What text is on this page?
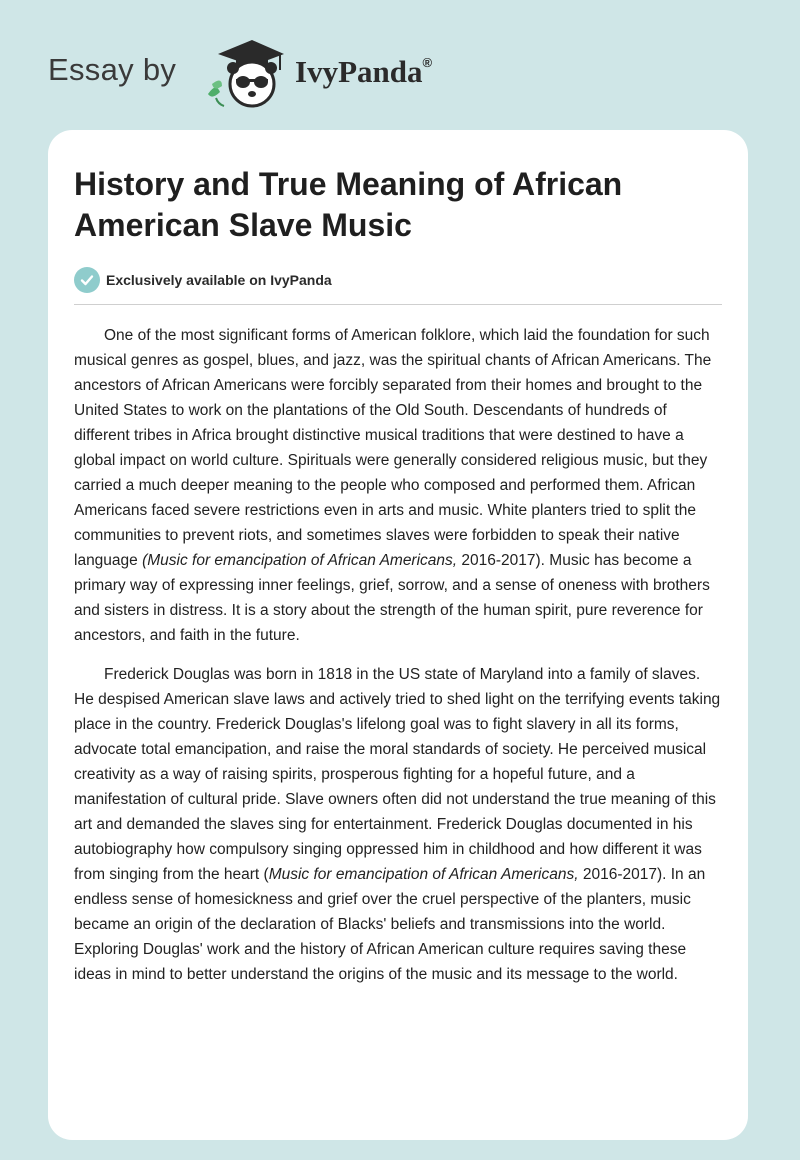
Essay by	IvyPanda®
History and True Meaning of African American Slave Music
Exclusively available on IvyPanda

One of the most significant forms of American folklore, which laid the foundation for such musical genres as gospel, blues, and jazz, was the spiritual chants of African Americans. The ancestors of African Americans were forcibly separated from their homes and brought to the United States to work on the plantations of the Old South. Descendants of hundreds of different tribes in Africa brought distinctive musical traditions that were destined to have a global impact on world culture. Spirituals were generally considered religious music, but they carried a much deeper meaning to the people who composed and performed them. African Americans faced severe restrictions even in arts and music. White planters tried to split the communities to prevent riots, and sometimes slaves were forbidden to speak their native language (Music for emancipation of African Americans, 2016-2017). Music has become a primary way of expressing inner feelings, grief, sorrow, and a sense of oneness with brothers and sisters in distress. It is a story about the strength of the human spirit, pure reverence for ancestors, and faith in the future.

Frederick Douglas was born in 1818 in the US state of Maryland into a family of slaves. He despised American slave laws and actively tried to shed light on the terrifying events taking place in the country. Frederick Douglas's lifelong goal was to fight slavery in all its forms, advocate total emancipation, and raise the moral standards of society. He perceived musical creativity as a way of raising spirits, prosperous fighting for a hopeful future, and a manifestation of cultural pride. Slave owners often did not understand the true meaning of this art and demanded the slaves sing for entertainment. Frederick Douglas documented in his autobiography how compulsory singing oppressed him in childhood and how different it was from singing from the heart (Music for emancipation of African Americans, 2016-2017). In an endless sense of homesickness and grief over the cruel perspective of the planters, music became an origin of the declaration of Blacks' beliefs and transmissions into the world. Exploring Douglas' work and the history of African American culture requires saving these ideas in mind to better understand the origins of the music and its message to the world.
